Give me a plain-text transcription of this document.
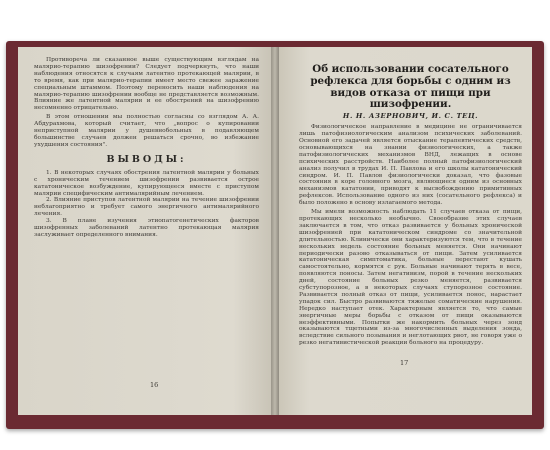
Противореча ли сказанное выше существующим взглядам на малярио-терапию шизофрении? Следует подчеркнуть, что наши наблюдения относятся к случаям латентно протекающей малярии, в то время, как при малярио-терапии имеет место свежее заражение специальным штаммом. Поэтому переносить наши наблюдения на малярио-терапию шизофрении вообще не представляется возможным. Влияние же латентной малярии и ее обострений на шизофрению несомненно отрицательно.

В этом отношении мы полностью согласны со взглядом А. А. Абдурахмова, который считает, что „вопрос о купировании неприступной малярии у душевнобольных в подавляющем большинстве случаев должен решаться срочно, во избежание ухудшения состояния".

ВЫВОДЫ:

1. В некоторых случаях обострения латентной малярии у больных с хроническим течением шизофрении развивается острое кататоническое возбуждение, купирующееся вместе с приступом малярии специфическим антималярийным лечением.

2. Влияние приступов латентной малярии на течение шизофрении неблагоприятно и требует самого энергичного антималярийного лечения.

3. В плане изучения этиопатогенетических факторов шизофренных заболеваний латентно протекающая малярия заслуживает определенного внимания.

16
Об использовании сосательного рефлекса для борьбы с одним из видов отказа от пищи при шизофрении.
Н. Н. АЗЕРНОВИЧ, И. С. ТЕЦ.

Физиологическое направление в медицине не ограничивается лишь патофизиологическим анализом психических заболеваний. Основной его задачей является отыскание терапевтических средств, основывающихся на знании физиологических, а также патофизиологических механизмов ВНД, лежащих в основе психических расстройств. Наиболее полный патофизиологический анализ получил в трудах И. П. Павлова и его школы кататонический синдром. И. П. Павлов физиологически доказал, что фазовые состояния в коре головного мозга, являющиеся одним из основных механизмов кататонии, приводят к высвобождению примитивных рефлексов. Использование одного из них (сосательного рефлекса) и было положено в основу излагаемого метода.

Мы имели возможность наблюдать 11 случаев отказа от пищи, протекающих несколько необычно. Своеобразие этих случаев заключается в том, что отказ развивается у больных хронической шизофренией при кататоническом синдроме со значительной длительностью. Клинически они характеризуются тем, что в течение нескольких недель состояние больных меняется. Они начинают периодически разово отказываться от пищи. Затем усиливается кататоническая симптоматика, больные перестают кушать самостоятельно, кормятся с рук. Больные начинают терять в весе, появляются поносы. Затем негативизм, порой в течение нескольких дней, состояние больных резко меняется, развивается субступорозное, а в некоторых случаях ступорозное состояние. Развивается полный отказ от пищи, усиливается понос, нарастает упадок сил. Быстро развиваются тяжелые соматические нарушения. Нередко наступает отек. Характерным является то, что самые энергичные меры борьбы с отказом от пищи оказываются неэффективными. Попытки же накормить больных через зонд оказываются тщетными из-за многочисленных выделения зонда, вследствие сильного позывания и неглотающих рвот, не говоря уже о резко негативистической реакции больного на процедуру.

17
